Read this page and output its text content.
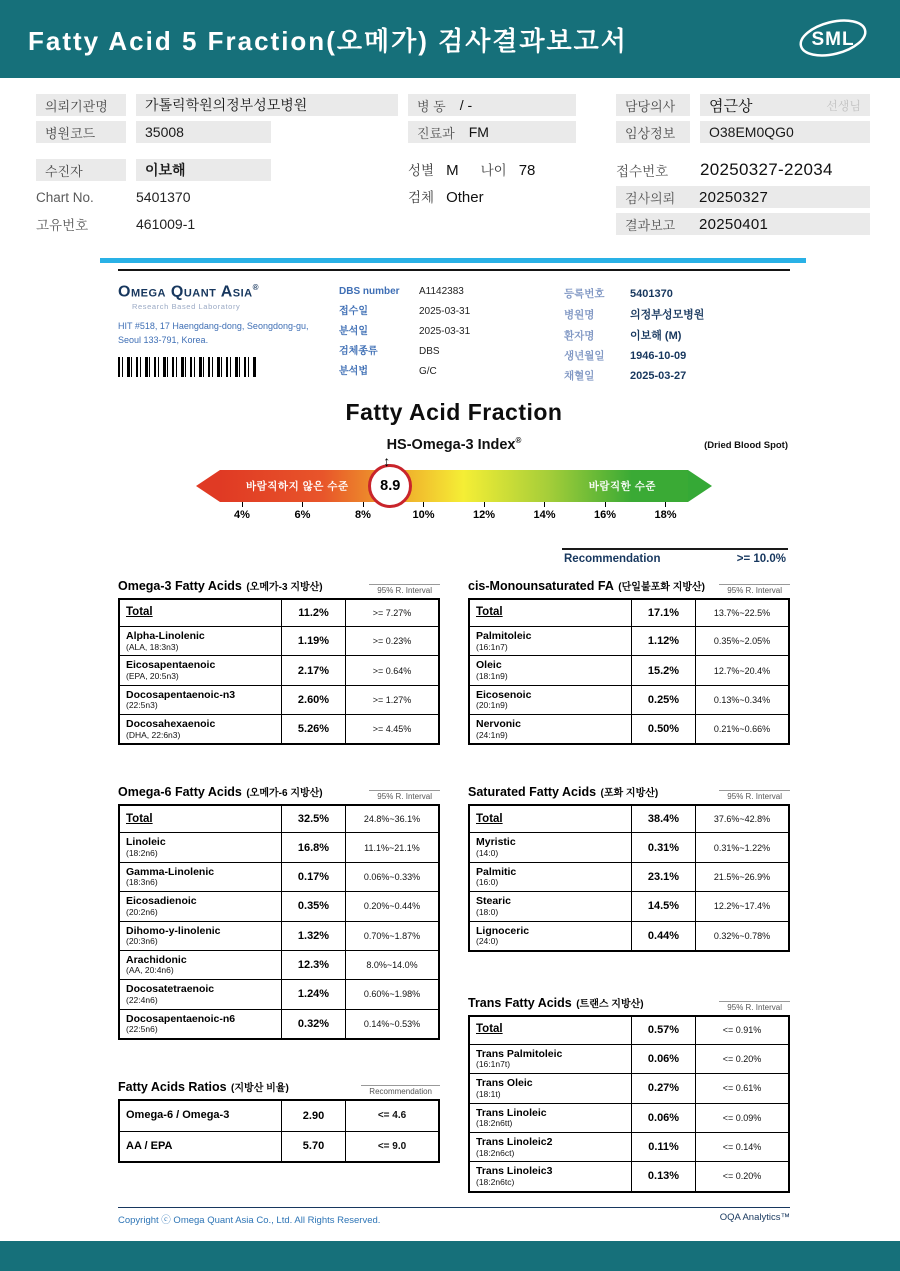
Fatty Acid 5 Fraction(오메가) 검사결과보고서	SML
의뢰기관명	가톨릭학원의정부성모병원
병원코드	35008
수진자	이보해
Chart No.	5401370
고유번호	461009-1
병 동 / -
진료과 FM
성별 M 나이 78
검체 Other
담당의사	염근상	선생님
임상정보	O38EM0QG0
접수번호	20250327-22034
검사의뢰	20250327
결과보고	20250401
Omega Quant Asia®
Research Based Laboratory
HIT #518, 17 Haengdang-dong, Seongdong-gu,
Seoul 133-791, Korea.
DBS number	A1142383
접수일	2025-03-31
분석일	2025-03-31
검체종류	DBS
분석법	G/C
등록번호	5401370
병원명	의정부성모병원
환자명	이보해 (M)
생년월일	1946-10-09
채혈일	2025-03-27
Fatty Acid Fraction
HS-Omega-3 Index®	(Dried Blood Spot)
↕
바람직하지 않은 수준	바람직한 수준
8.9
4%	6%	8%	10%	12%	14%	16%	18%
Recommendation	>= 10.0%
Omega-3 Fatty Acids (오메가-3 지방산)	95% R. Interval
Total	11.2%	>= 7.27%
Alpha-Linolenic
(ALA, 18:3n3)	1.19%	>= 0.23%
Eicosapentaenoic
(EPA, 20:5n3)	2.17%	>= 0.64%
Docosapentaenoic-n3
(22:5n3)	2.60%	>= 1.27%
Docosahexaenoic
(DHA, 22:6n3)	5.26%	>= 4.45%
Omega-6 Fatty Acids (오메가-6 지방산)	95% R. Interval
Total	32.5%	24.8%~36.1%
Linoleic
(18:2n6)	16.8%	11.1%~21.1%
Gamma-Linolenic
(18:3n6)	0.17%	0.06%~0.33%
Eicosadienoic
(20:2n6)	0.35%	0.20%~0.44%
Dihomo-y-linolenic
(20:3n6)	1.32%	0.70%~1.87%
Arachidonic
(AA, 20:4n6)	12.3%	8.0%~14.0%
Docosatetraenoic
(22:4n6)	1.24%	0.60%~1.98%
Docosapentaenoic-n6
(22:5n6)	0.32%	0.14%~0.53%
Fatty Acids Ratios (지방산 비율)	Recommendation
Omega-6 / Omega-3	2.90	<= 4.6
AA / EPA	5.70	<= 9.0
cis-Monounsaturated FA (단일불포화 지방산)	95% R. Interval
Total	17.1%	13.7%~22.5%
Palmitoleic
(16:1n7)	1.12%	0.35%~2.05%
Oleic
(18:1n9)	15.2%	12.7%~20.4%
Eicosenoic
(20:1n9)	0.25%	0.13%~0.34%
Nervonic
(24:1n9)	0.50%	0.21%~0.66%
Saturated Fatty Acids (포화 지방산)	95% R. Interval
Total	38.4%	37.6%~42.8%
Myristic
(14:0)	0.31%	0.31%~1.22%
Palmitic
(16:0)	23.1%	21.5%~26.9%
Stearic
(18:0)	14.5%	12.2%~17.4%
Lignoceric
(24:0)	0.44%	0.32%~0.78%
Trans Fatty Acids (트랜스 지방산)	95% R. Interval
Total	0.57%	<= 0.91%
Trans Palmitoleic
(16:1n7t)	0.06%	<= 0.20%
Trans Oleic
(18:1t)	0.27%	<= 0.61%
Trans Linoleic
(18:2n6tt)	0.06%	<= 0.09%
Trans Linoleic2
(18:2n6ct)	0.11%	<= 0.14%
Trans Linoleic3
(18:2n6tc)	0.13%	<= 0.20%
Copyright ⓒ Omega Quant Asia Co., Ltd. All Rights Reserved.	OQA Analytics™
